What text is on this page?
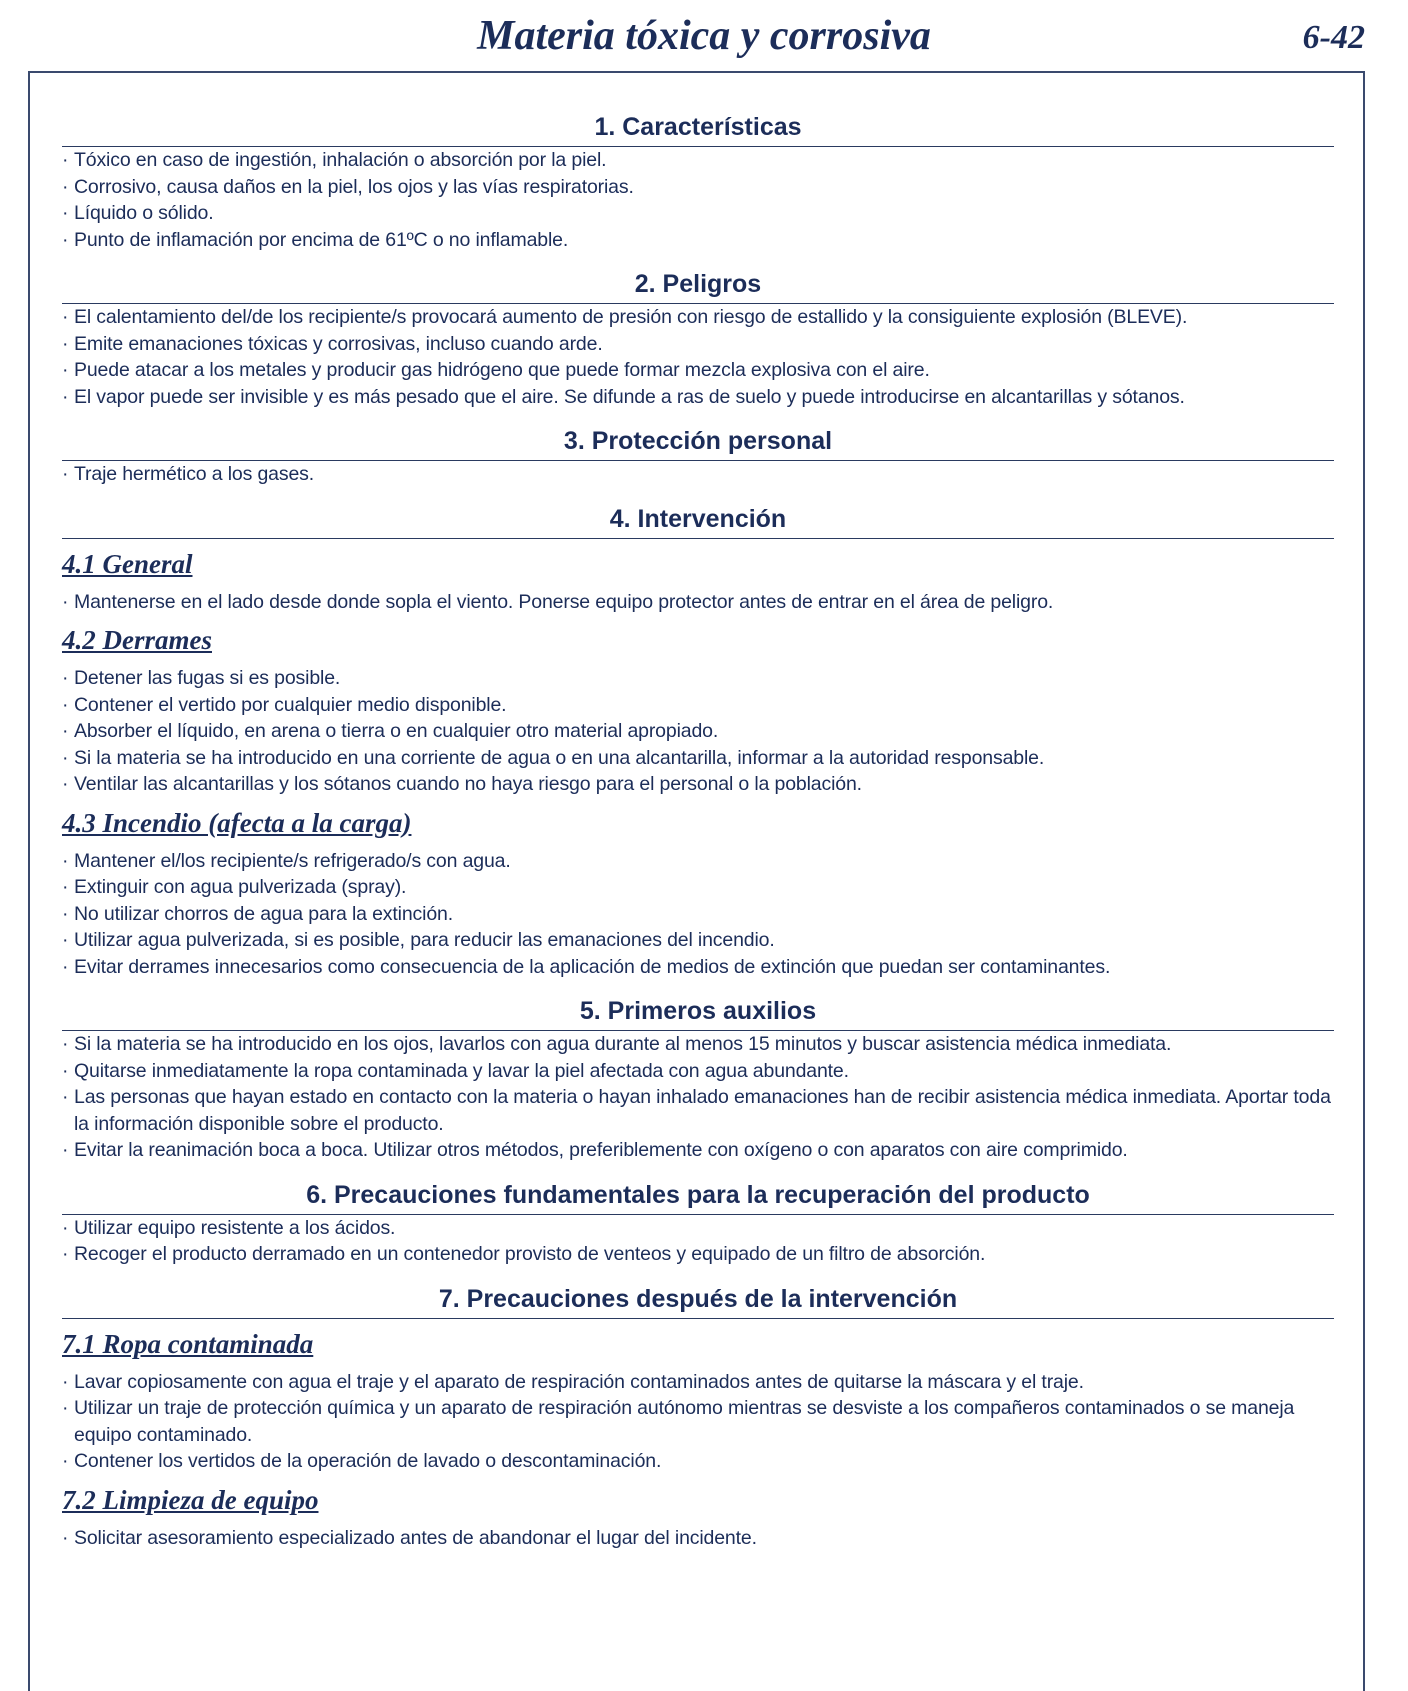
Materia tóxica y corrosiva	6-42
1. Características
· Tóxico en caso de ingestión, inhalación o absorción por la piel.
· Corrosivo, causa daños en la piel, los ojos y las vías respiratorias.
· Líquido o sólido.
· Punto de inflamación por encima de 61ºC o no inflamable.
2. Peligros
· El calentamiento del/de los recipiente/s provocará aumento de presión con riesgo de estallido y la consiguiente explosión (BLEVE).
· Emite emanaciones tóxicas y corrosivas, incluso cuando arde.
· Puede atacar a los metales y producir gas hidrógeno que puede formar mezcla explosiva con el aire.
· El vapor puede ser invisible y es más pesado que el aire. Se difunde a ras de suelo y puede introducirse en alcantarillas y sótanos.
3. Protección personal
· Traje hermético a los gases.
4. Intervención
4.1 General
· Mantenerse en el lado desde donde sopla el viento. Ponerse equipo protector antes de entrar en el área de peligro.
4.2 Derrames
· Detener las fugas si es posible.
· Contener el vertido por cualquier medio disponible.
· Absorber el líquido, en arena o tierra o en cualquier otro material apropiado.
· Si la materia se ha introducido en una corriente de agua o en una alcantarilla, informar a la autoridad responsable.
· Ventilar las alcantarillas y los sótanos cuando no haya riesgo para el personal o la población.
4.3 Incendio (afecta a la carga)
· Mantener el/los recipiente/s refrigerado/s con agua.
· Extinguir con agua pulverizada (spray).
· No utilizar chorros de agua para la extinción.
· Utilizar agua pulverizada, si es posible, para reducir las emanaciones del incendio.
· Evitar derrames innecesarios como consecuencia de la aplicación de medios de extinción que puedan ser contaminantes.
5. Primeros auxilios
· Si la materia se ha introducido en los ojos, lavarlos con agua durante al menos 15 minutos y buscar asistencia médica inmediata.
· Quitarse inmediatamente la ropa contaminada y lavar la piel afectada con agua abundante.
· Las personas que hayan estado en contacto con la materia o hayan inhalado emanaciones han de recibir asistencia médica inmediata. Aportar toda la información disponible sobre el producto.
· Evitar la reanimación boca a boca. Utilizar otros métodos, preferiblemente con oxígeno o con aparatos con aire comprimido.
6. Precauciones fundamentales para la recuperación del producto
· Utilizar equipo resistente a los ácidos.
· Recoger el producto derramado en un contenedor provisto de venteos y equipado de un filtro de absorción.
7. Precauciones después de la intervención
7.1 Ropa contaminada
· Lavar copiosamente con agua el traje y el aparato de respiración contaminados antes de quitarse la máscara y el traje.
· Utilizar un traje de protección química y un aparato de respiración autónomo mientras se desviste a los compañeros contaminados o se maneja equipo contaminado.
· Contener los vertidos de la operación de lavado o descontaminación.
7.2 Limpieza de equipo
· Solicitar asesoramiento especializado antes de abandonar el lugar del incidente.
